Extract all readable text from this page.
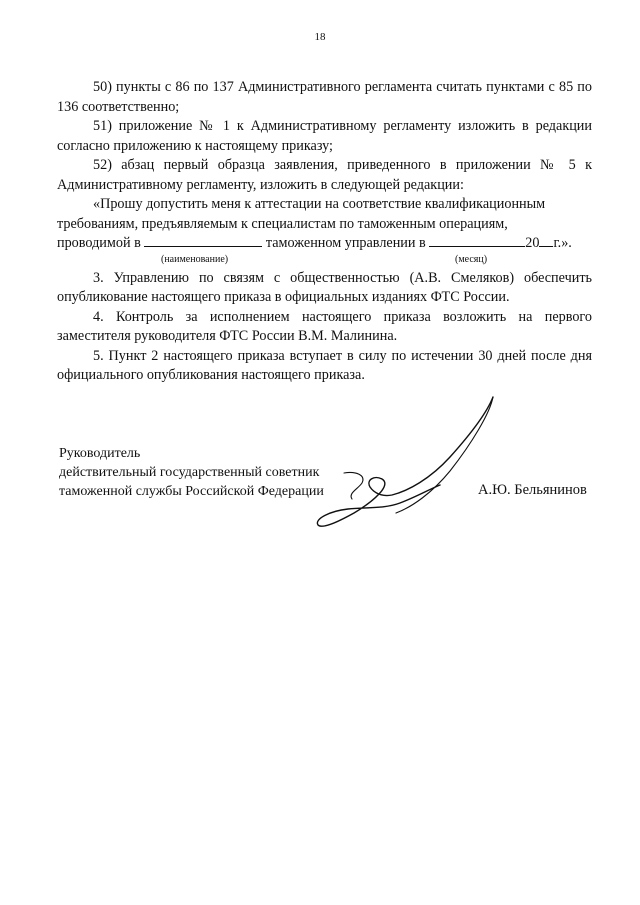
18

50) пункты с 86 по 137 Административного регламента считать пунктами с 85 по 136 соответственно;

51) приложение № 1 к Административному регламенту изложить в редакции согласно приложению к настоящему приказу;

52) абзац первый образца заявления, приведенного в приложении № 5 к Административному регламенту, изложить в следующей редакции:

«Прошу допустить меня к аттестации на соответствие квалификационным

требованиям, предъявляемым к специалистам по таможенным операциям,

проводимой в	таможенном управлении в	20 г.».

(наименование)	(месяц)

3. Управлению по связям с общественностью (А.В. Смеляков) обеспечить опубликование настоящего приказа в официальных изданиях ФТС России.

4. Контроль за исполнением настоящего приказа возложить на первого заместителя руководителя ФТС России В.М. Малинина.

5. Пункт 2 настоящего приказа вступает в силу по истечении 30 дней после дня официального опубликования настоящего приказа.

Руководитель
действительный государственный советник
таможенной службы Российской Федерации	А.Ю. Бельянинов
